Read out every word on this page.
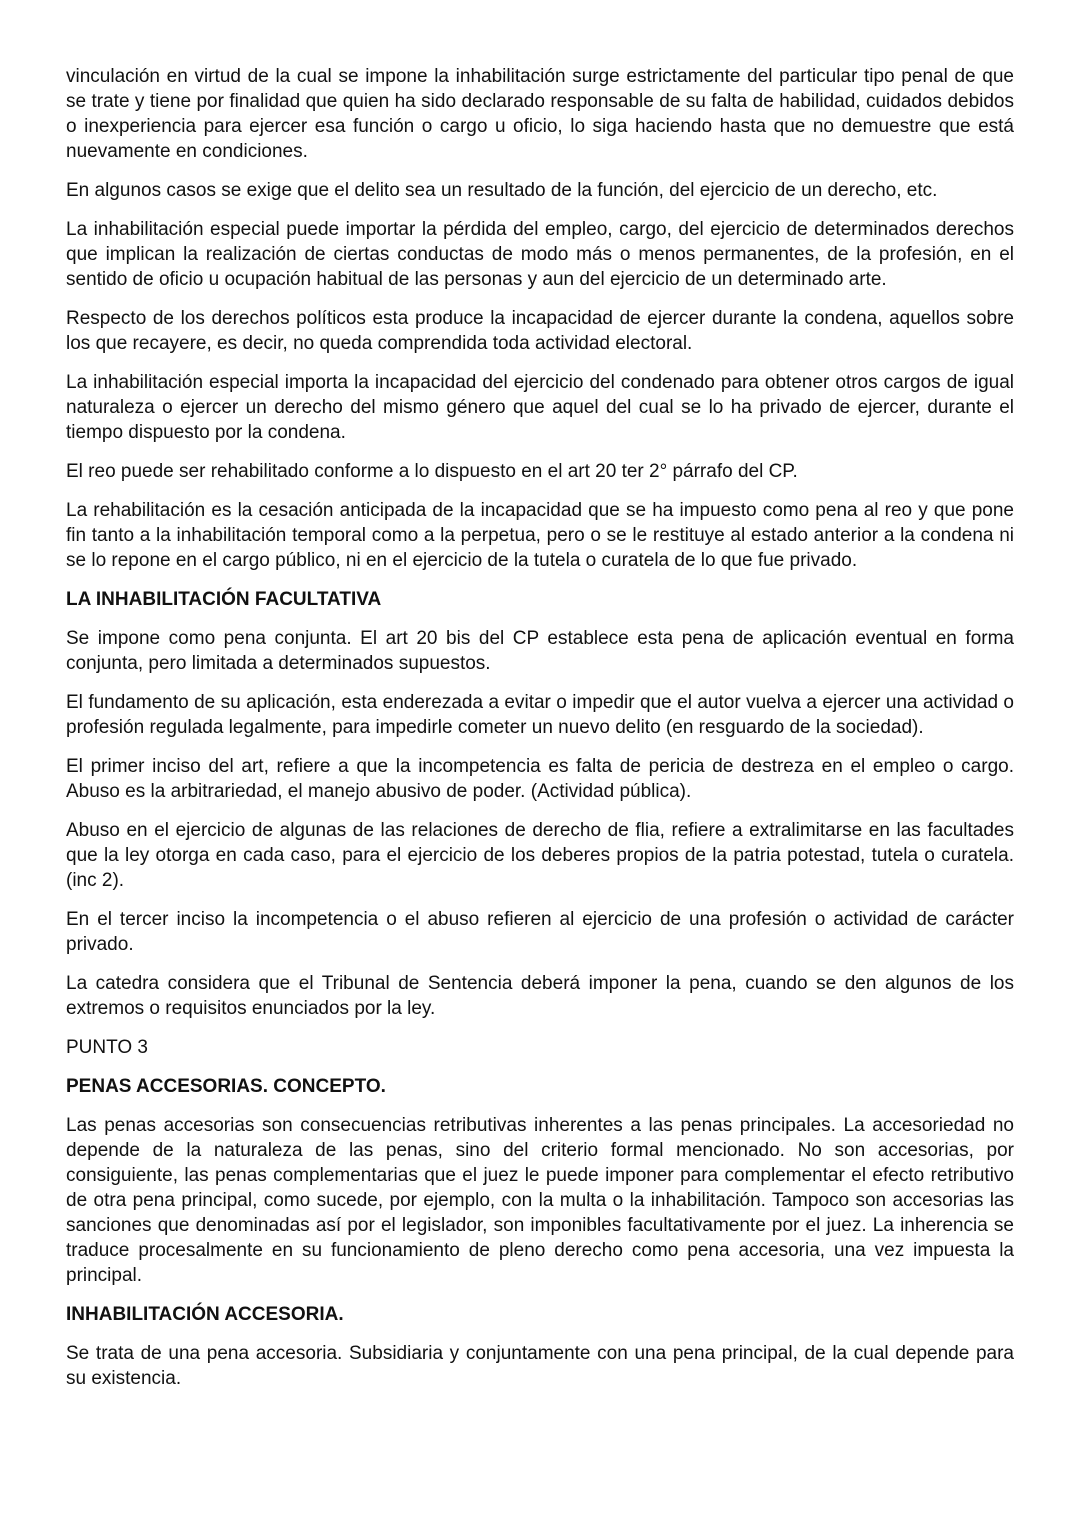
vinculación en virtud de la cual se impone la inhabilitación surge estrictamente del particular tipo penal de que se trate y tiene por finalidad que quien ha sido declarado responsable de su falta de habilidad, cuidados debidos o inexperiencia para ejercer esa función o cargo u oficio, lo siga haciendo hasta que no demuestre que está nuevamente en condiciones.

En algunos casos se exige que el delito sea un resultado de la función, del ejercicio de un derecho, etc.

La inhabilitación especial puede importar la pérdida del empleo, cargo, del ejercicio de determinados derechos que implican la realización de ciertas conductas de modo más o menos permanentes, de la profesión, en el sentido de oficio u ocupación habitual de las personas y aun del ejercicio de un determinado arte.

Respecto de los derechos políticos esta produce la incapacidad de ejercer durante la condena, aquellos sobre los que recayere, es decir, no queda comprendida toda actividad electoral.

La inhabilitación especial importa la incapacidad del ejercicio del condenado para obtener otros cargos de igual naturaleza o ejercer un derecho del mismo género que aquel del cual se lo ha privado de ejercer, durante el tiempo dispuesto por la condena.

El reo puede ser rehabilitado conforme a lo dispuesto en el art 20 ter 2° párrafo del CP.

La rehabilitación es la cesación anticipada de la incapacidad que se ha impuesto como pena al reo y que pone fin tanto a la inhabilitación temporal como a la perpetua, pero o se le restituye al estado anterior a la condena ni se lo repone en el cargo público, ni en el ejercicio de la tutela o curatela de lo que fue privado.

LA INHABILITACIÓN FACULTATIVA

Se impone como pena conjunta. El art 20 bis del CP establece esta pena de aplicación eventual en forma conjunta, pero limitada a determinados supuestos.

El fundamento de su aplicación, esta enderezada a evitar o impedir que el autor vuelva a ejercer una actividad o profesión regulada legalmente, para impedirle cometer un nuevo delito (en resguardo de la sociedad).

El primer inciso del art, refiere a que la incompetencia es falta de pericia de destreza en el empleo o cargo. Abuso es la arbitrariedad, el manejo abusivo de poder. (Actividad pública).

Abuso en el ejercicio de algunas de las relaciones de derecho de flia, refiere a extralimitarse en las facultades que la ley otorga en cada caso, para el ejercicio de los deberes propios de la patria potestad, tutela o curatela. (inc 2).

En el tercer inciso la incompetencia o el abuso refieren al ejercicio de una profesión o actividad de carácter privado.

La catedra considera que el Tribunal de Sentencia deberá imponer la pena, cuando se den algunos de los extremos o requisitos enunciados por la ley.

PUNTO 3

PENAS ACCESORIAS. CONCEPTO.

Las penas accesorias son consecuencias retributivas inherentes a las penas principales. La accesoriedad no depende de la naturaleza de las penas, sino del criterio formal mencionado. No son accesorias, por consiguiente, las penas complementarias que el juez le puede imponer para complementar el efecto retributivo de otra pena principal, como sucede, por ejemplo, con la multa o la inhabilitación. Tampoco son accesorias las sanciones que denominadas así por el legislador, son imponibles facultativamente por el juez. La inherencia se traduce procesalmente en su funcionamiento de pleno derecho como pena accesoria, una vez impuesta la principal.

INHABILITACIÓN ACCESORIA.

Se trata de una pena accesoria. Subsidiaria y conjuntamente con una pena principal, de la cual depende para su existencia.
